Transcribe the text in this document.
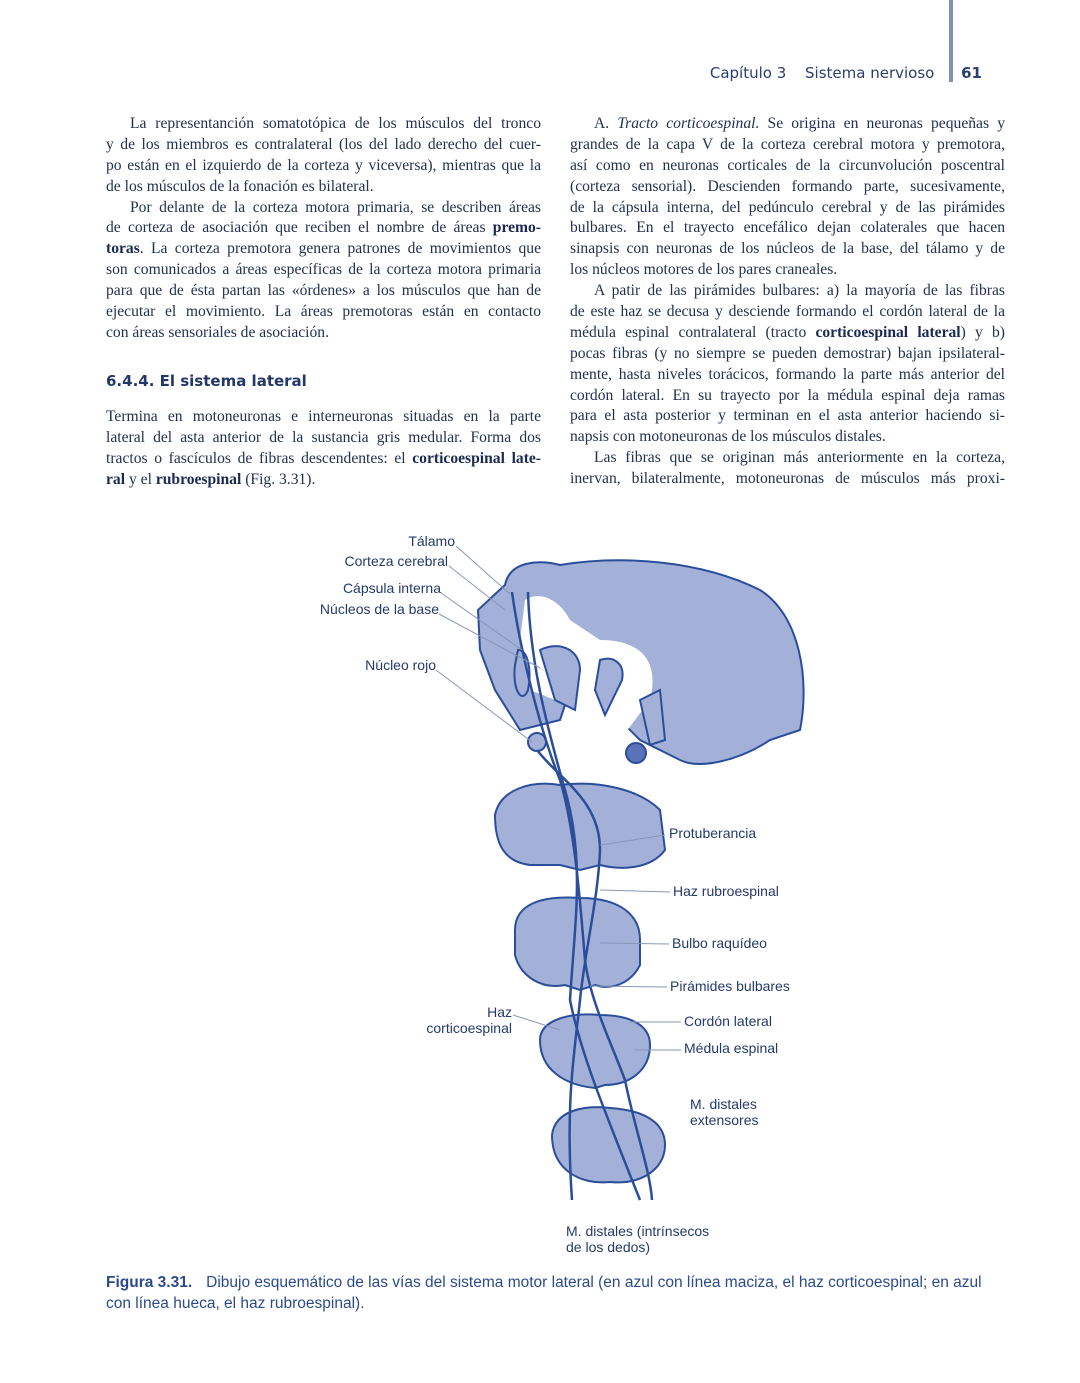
Capítulo 3 Sistema nervioso 61
La representanción somatotópica de los músculos del tronco
y de los miembros es contralateral (los del lado derecho del cuer-
po están en el izquierdo de la corteza y viceversa), mientras que la
de los músculos de la fonación es bilateral.
Por delante de la corteza motora primaria, se describen áreas
de corteza de asociación que reciben el nombre de áreas premo-
toras. La corteza premotora genera patrones de movimientos que
son comunicados a áreas específicas de la corteza motora primaria
para que de ésta partan las «órdenes» a los músculos que han de
ejecutar el movimiento. La áreas premotoras están en contacto
con áreas sensoriales de asociación.
6.4.4. El sistema lateral
Termina en motoneuronas e interneuronas situadas en la parte
lateral del asta anterior de la sustancia gris medular. Forma dos
tractos o fascículos de fibras descendentes: el corticoespinal late-
ral y el rubroespinal (Fig. 3.31).
A. Tracto corticoespinal. Se origina en neuronas pequeñas y
grandes de la capa V de la corteza cerebral motora y premotora,
así como en neuronas corticales de la circunvolución poscentral
(corteza sensorial). Descienden formando parte, sucesivamente,
de la cápsula interna, del pedúnculo cerebral y de las pirámides
bulbares. En el trayecto encefálico dejan colaterales que hacen
sinapsis con neuronas de los núcleos de la base, del tálamo y de
los núcleos motores de los pares craneales.
A patir de las pirámides bulbares: a) la mayoría de las fibras
de este haz se decusa y desciende formando el cordón lateral de la
médula espinal contralateral (tracto corticoespinal lateral) y b)
pocas fibras (y no siempre se pueden demostrar) bajan ipsilateral-
mente, hasta niveles torácicos, formando la parte más anterior del
cordón lateral. En su trayecto por la médula espinal deja ramas
para el asta posterior y terminan en el asta anterior haciendo si-
napsis con motoneuronas de los músculos distales.
Las fibras que se originan más anteriormente en la corteza,
inervan, bilateralmente, motoneuronas de músculos más proxi-
Tálamo
Corteza cerebral
Cápsula interna
Núcleos de la base
Núcleo rojo
Protuberancia
Haz rubroespinal
Bulbo raquídeo
Pirámides bulbares
Haz
corticoespinal	Cordón lateral
Médula espinal
M. distales
extensores
M. distales (intrínsecos
de los dedos)
Figura 3.31. Dibujo esquemático de las vías del sistema motor lateral (en azul con línea maciza, el haz corticoespinal; en azul con línea hueca, el haz rubroespinal).
